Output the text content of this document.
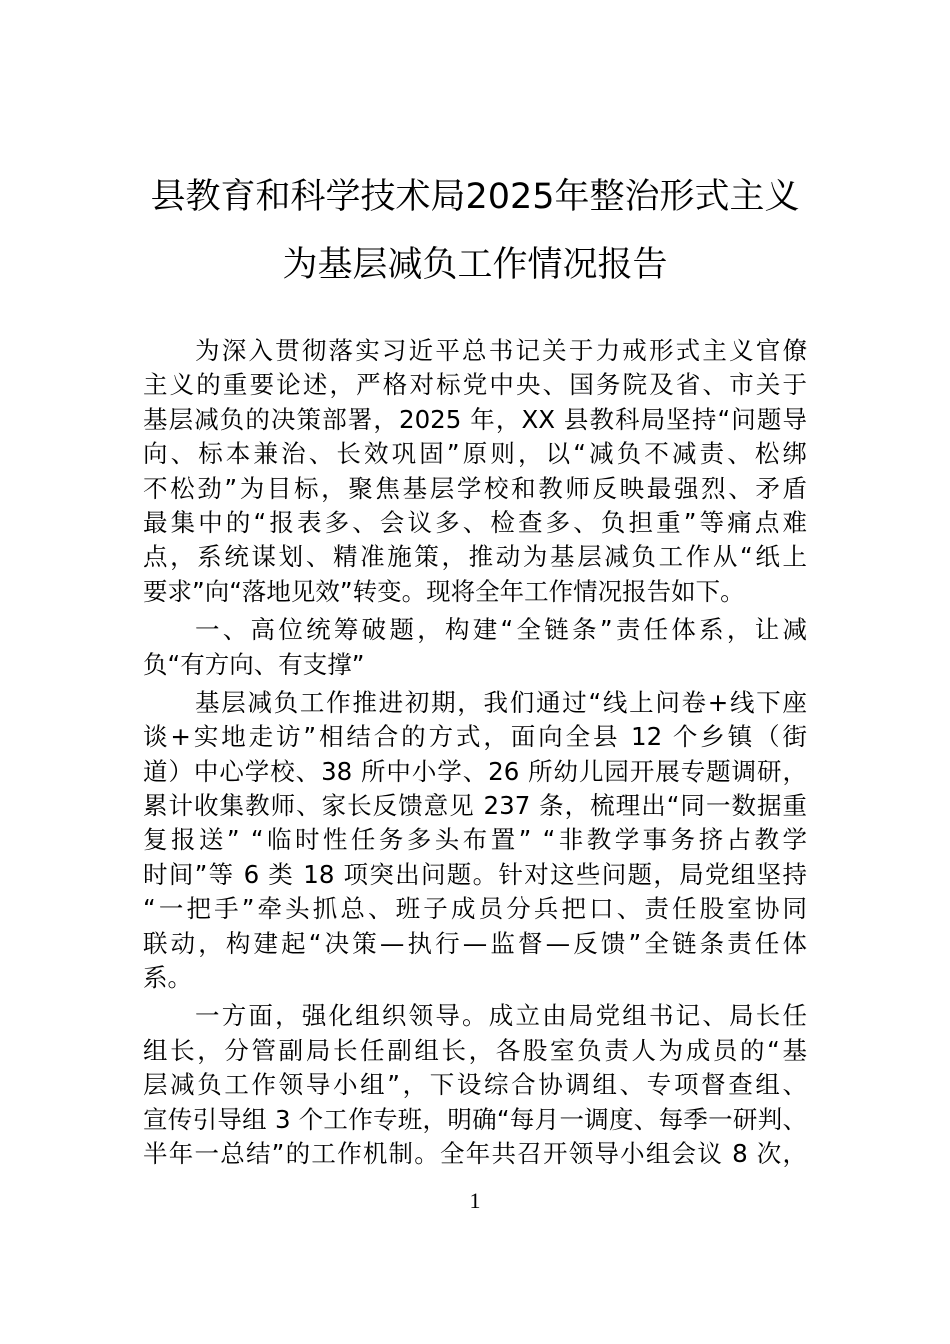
县教育和科学技术局2025年整治形式主义
为基层减负工作情况报告
为深入贯彻落实习近平总书记关于力戒形式主义官僚
主义的重要论述，严格对标党中央、国务院及省、市关于
基层减负的决策部署，2025 年，XX 县教科局坚持“问题导
向、标本兼治、长效巩固”原则，以“减负不减责、松绑
不松劲”为目标，聚焦基层学校和教师反映最强烈、矛盾
最集中的“报表多、会议多、检查多、负担重”等痛点难
点，系统谋划、精准施策，推动为基层减负工作从“纸上
要求”向“落地见效”转变。现将全年工作情况报告如下。
一、高位统筹破题，构建“全链条”责任体系，让减
负“有方向、有支撑”
基层减负工作推进初期，我们通过“线上问卷+线下座
谈+实地走访”相结合的方式，面向全县 12 个乡镇（街
道）中心学校、38 所中小学、26 所幼儿园开展专题调研，
累计收集教师、家长反馈意见 237 条，梳理出“同一数据重
复报送” “临时性任务多头布置” “非教学事务挤占教学
时间”等 6 类 18 项突出问题。针对这些问题，局党组坚持
“一把手”牵头抓总、班子成员分兵把口、责任股室协同
联动，构建起“决策—执行—监督—反馈”全链条责任体
系。
一方面，强化组织领导。成立由局党组书记、局长任
组长，分管副局长任副组长，各股室负责人为成员的“基
层减负工作领导小组”，下设综合协调组、专项督查组、
宣传引导组 3 个工作专班，明确“每月一调度、每季一研判、
半年一总结”的工作机制。全年共召开领导小组会议 8 次，
1
